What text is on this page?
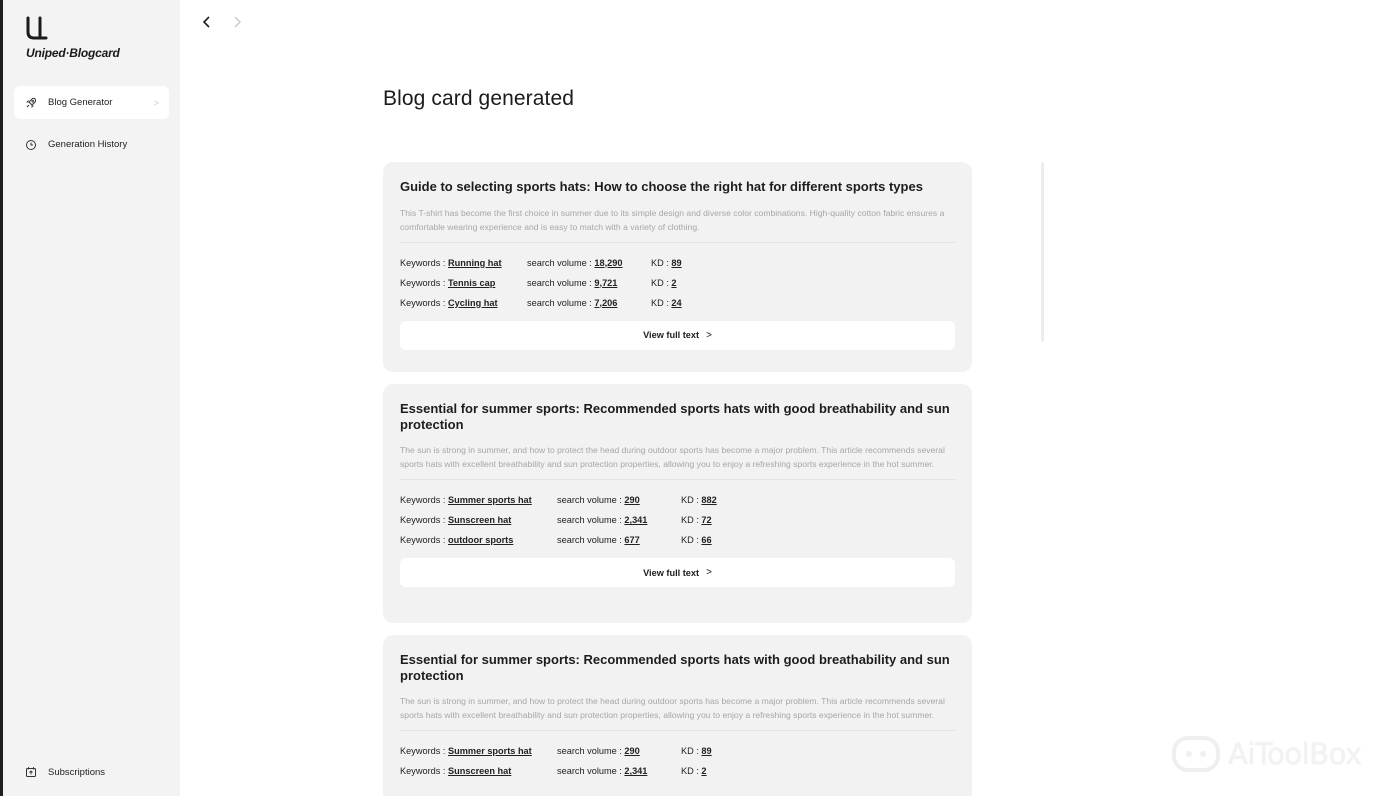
Uniped·Blogcard
Blog Generator	>
Generation History
Subscriptions
Blog card generated
Guide to selecting sports hats: How to choose the right hat for different sports types
This T-shirt has become the first choice in summer due to its simple design and diverse color combinations. High-quality cotton fabric ensures a comfortable wearing experience and is easy to match with a variety of clothing.
Keywords : Running hat	search volume : 18,290	KD : 89
Keywords : Tennis cap	search volume : 9,721	KD : 2
Keywords : Cycling hat	search volume : 7,206	KD : 24
View full text >
Essential for summer sports: Recommended sports hats with good breathability and sun protection
The sun is strong in summer, and how to protect the head during outdoor sports has become a major problem. This article recommends several sports hats with excellent breathability and sun protection properties, allowing you to enjoy a refreshing sports experience in the hot summer.
Keywords : Summer sports hat	search volume : 290	KD : 882
Keywords : Sunscreen hat	search volume : 2,341	KD : 72
Keywords : outdoor sports	search volume : 677	KD : 66
View full text >
Essential for summer sports: Recommended sports hats with good breathability and sun protection
The sun is strong in summer, and how to protect the head during outdoor sports has become a major problem. This article recommends several sports hats with excellent breathability and sun protection properties, allowing you to enjoy a refreshing sports experience in the hot summer.
Keywords : Summer sports hat	search volume : 290	KD : 89
Keywords : Sunscreen hat	search volume : 2,341	KD : 2	AiToolBox
